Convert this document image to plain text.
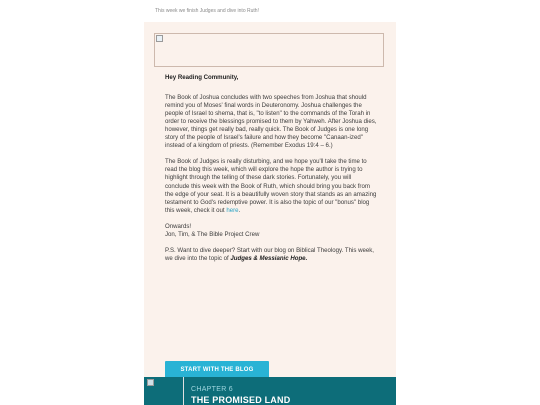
This week we finish Judges and dive into Ruth!

Hey Reading Community,

The Book of Joshua concludes with two speeches from Joshua that should remind you of Moses' final words in Deuteronomy. Joshua challenges the people of Israel to shema, that is, "to listen" to the commands of the Torah in order to receive the blessings promised to them by Yahweh. After Joshua dies, however, things get really bad, really quick. The Book of Judges is one long story of the people of Israel's failure and how they become "Canaan-ized" instead of a kingdom of priests. (Remember Exodus 19:4 – 6.)

The Book of Judges is really disturbing, and we hope you'll take the time to read the blog this week, which will explore the hope the author is trying to highlight through the telling of these dark stories. Fortunately, you will conclude this week with the Book of Ruth, which should bring you back from the edge of your seat. It is a beautifully woven story that stands as an amazing testament to God's redemptive power. It is also the topic of our "bonus" blog this week, check it out here.

Onwards!
Jon, Tim, & The Bible Project Crew

P.S. Want to dive deeper? Start with our blog on Biblical Theology. This week, we dive into the topic of Judges & Messianic Hope.

START WITH THE BLOG
CHAPTER 6
THE PROMISED LAND
